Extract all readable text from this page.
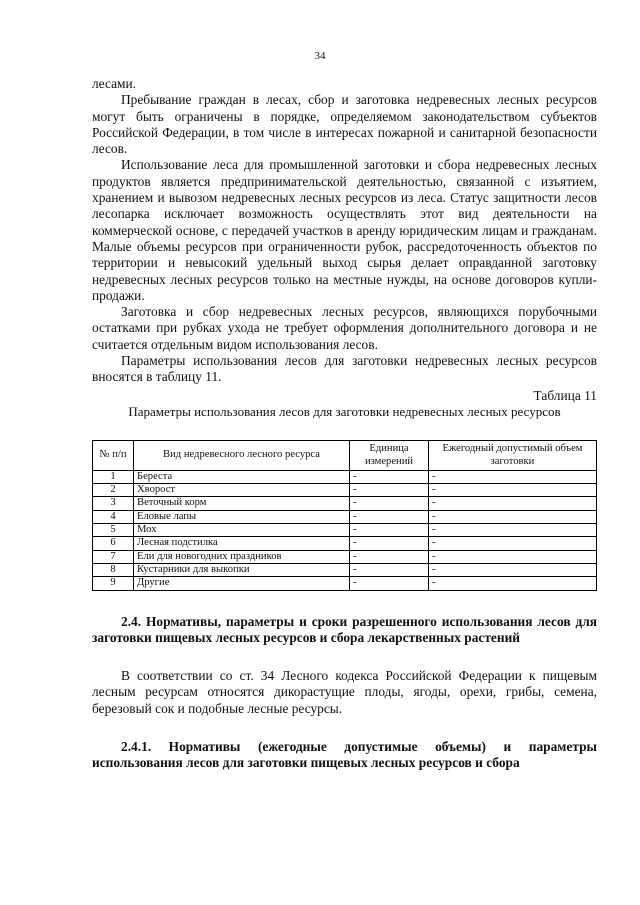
34

лесами.

Пребывание граждан в лесах, сбор и заготовка недревесных лесных ресурсов могут быть ограничены в порядке, определяемом законодательством субъектов Российской Федерации, в том числе в интересах пожарной и санитарной безопасности лесов.

Использование леса для промышленной заготовки и сбора недревесных лесных продуктов является предпринимательской деятельностью, связанной с изъятием, хранением и вывозом недревесных лесных ресурсов из леса. Статус защитности лесов лесопарка исключает возможность осуществлять этот вид деятельности на коммерческой основе, с передачей участков в аренду юридическим лицам и гражданам. Малые объемы ресурсов при ограниченности рубок, рассредоточенность объектов по территории и невысокий удельный выход сырья делает оправданной заготовку недревесных лесных ресурсов только на местные нужды, на основе договоров купли-продажи.

Заготовка и сбор недревесных лесных ресурсов, являющихся порубочными остатками при рубках ухода не требует оформления дополнительного договора и не считается отдельным видом использования лесов.

Параметры использования лесов для заготовки недревесных лесных ресурсов вносятся в таблицу 11.

Таблица 11

Параметры использования лесов для заготовки недревесных лесных ресурсов

№ п/п	Вид недревесного лесного ресурса	Единица измерений	Ежегодный допустимый объем заготовки
1	Береста	-	-
2	Хворост	-	-
3	Веточный корм	-	-
4	Еловые лапы	-	-
5	Мох	-	-
6	Лесная подстилка	-	-
7	Ели для новогодних праздников	-	-
8	Кустарники для выкопки	-	-
9	Другие	-	-

2.4. Нормативы, параметры и сроки разрешенного использования лесов для заготовки пищевых лесных ресурсов и сбора лекарственных растений

В соответствии со ст. 34 Лесного кодекса Российской Федерации к пищевым лесным ресурсам относятся дикорастущие плоды, ягоды, орехи, грибы, семена, березовый сок и подобные лесные ресурсы.

2.4.1. Нормативы (ежегодные допустимые объемы) и параметры использования лесов для заготовки пищевых лесных ресурсов и сбора
